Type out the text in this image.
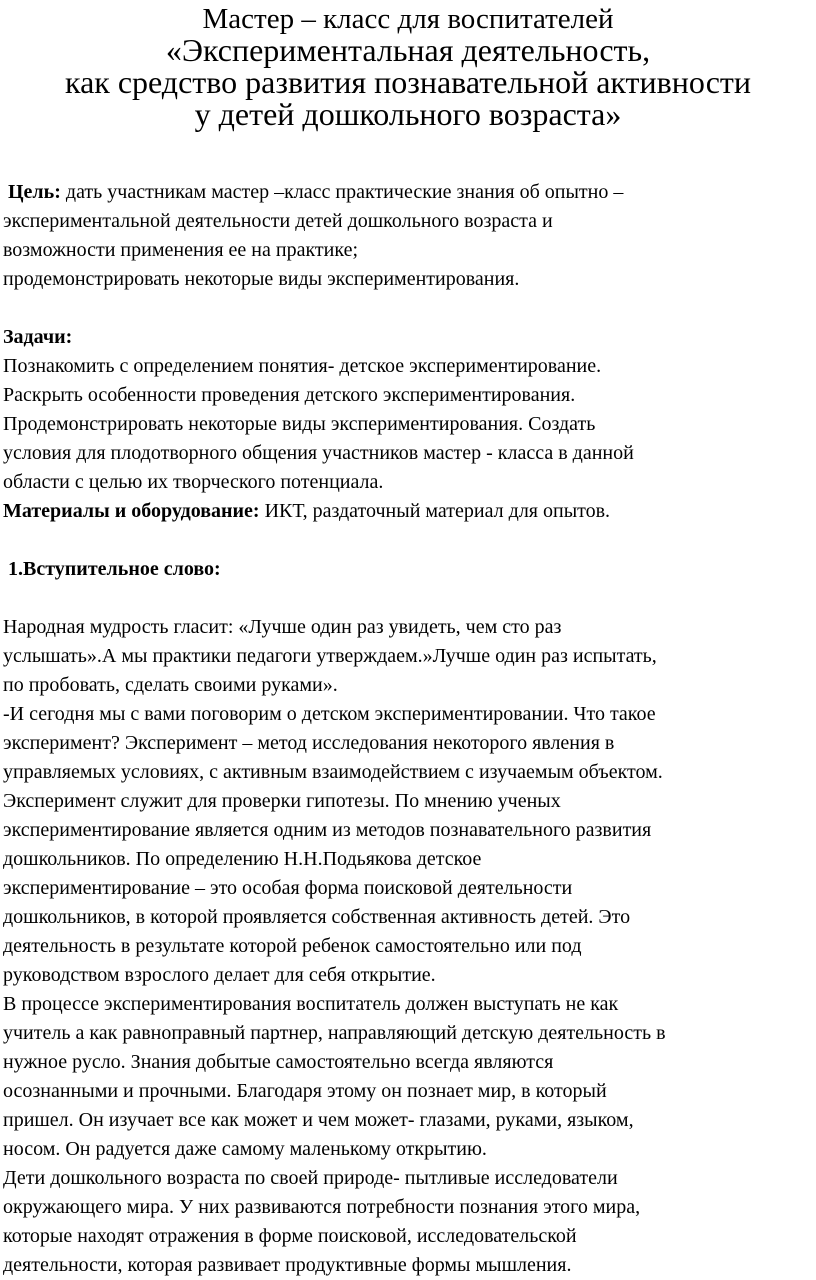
Мастер – класс для воспитателей
«Экспериментальная деятельность,
как средство развития познавательной активности
у детей дошкольного возраста»

Цель: дать участникам мастер –класс практические знания об опытно –

экспериментальной деятельности детей дошкольного возраста и

возможности применения ее на практике;

продемонстрировать некоторые виды экспериментирования.

Задачи:

Познакомить с определением понятия- детское экспериментирование.

Раскрыть особенности проведения детского экспериментирования.

Продемонстрировать некоторые виды экспериментирования. Создать

условия для плодотворного общения участников мастер - класса в данной

области с целью их творческого потенциала.

Материалы и оборудование: ИКТ, раздаточный материал для опытов.

1.Вступительное слово:

Народная мудрость гласит: «Лучше один раз увидеть, чем сто раз

услышать».А мы практики педагоги утверждаем.»Лучше один раз испытать,

по пробовать, сделать своими руками».

-И сегодня мы с вами поговорим о детском экспериментировании. Что такое

эксперимент? Эксперимент – метод исследования некоторого явления в

управляемых условиях, с активным взаимодействием с изучаемым объектом.

Эксперимент служит для проверки гипотезы. По мнению ученых

экспериментирование является одним из методов познавательного развития

дошкольников. По определению Н.Н.Подьякова детское

экспериментирование – это особая форма поисковой деятельности

дошкольников, в которой проявляется собственная активность детей. Это

деятельность в результате которой ребенок самостоятельно или под

руководством взрослого делает для себя открытие.

В процессе экспериментирования воспитатель должен выступать не как

учитель а как равноправный партнер, направляющий детскую деятельность в

нужное русло. Знания добытые самостоятельно всегда являются

осознанными и прочными. Благодаря этому он познает мир, в который

пришел. Он изучает все как может и чем может- глазами, руками, языком,

носом. Он радуется даже самому маленькому открытию.

Дети дошкольного возраста по своей природе- пытливые исследователи

окружающего мира. У них развиваются потребности познания этого мира,

которые находят отражения в форме поисковой, исследовательской

деятельности, которая развивает продуктивные формы мышления.
